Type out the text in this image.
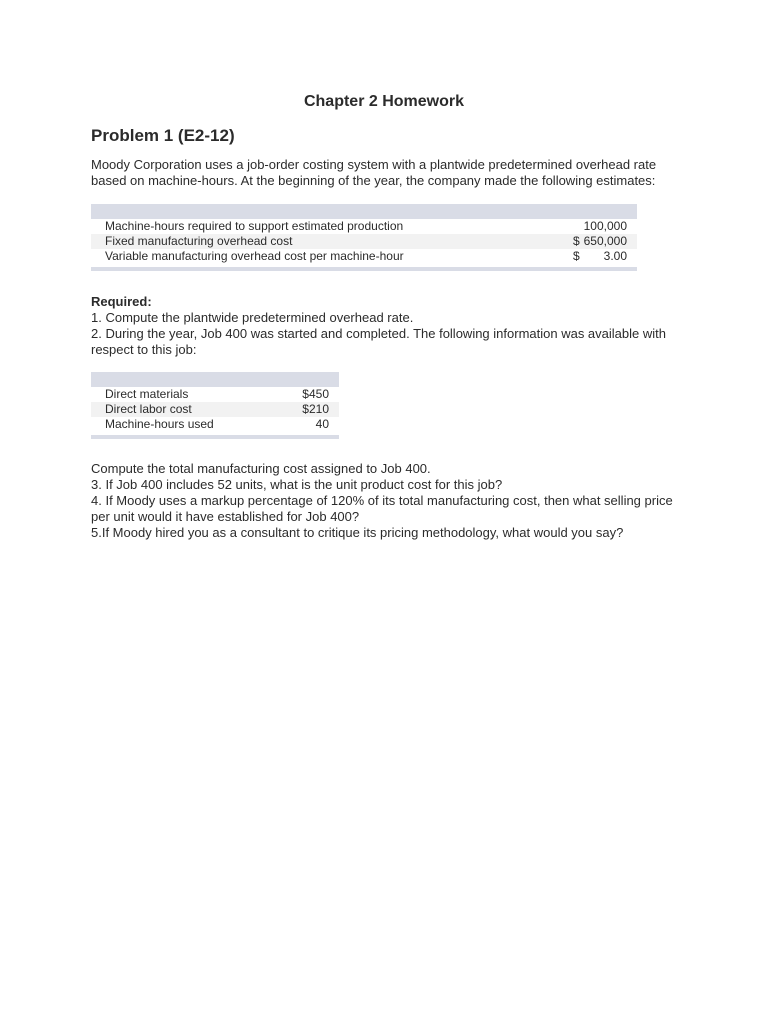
Chapter 2 Homework
Problem 1 (E2-12)
Moody Corporation uses a job-order costing system with a plantwide predetermined overhead rate based on machine-hours. At the beginning of the year, the company made the following estimates:
Machine-hours required to support estimated production	100,000
Fixed manufacturing overhead cost	$ 650,000
Variable manufacturing overhead cost per machine-hour	$ 3.00
Required:
1. Compute the plantwide predetermined overhead rate.
2. During the year, Job 400 was started and completed. The following information was available with respect to this job:
Direct materials	$450
Direct labor cost	$210
Machine-hours used	40
Compute the total manufacturing cost assigned to Job 400.
3. If Job 400 includes 52 units, what is the unit product cost for this job?
4. If Moody uses a markup percentage of 120% of its total manufacturing cost, then what selling price per unit would it have established for Job 400?
5.If Moody hired you as a consultant to critique its pricing methodology, what would you say?
